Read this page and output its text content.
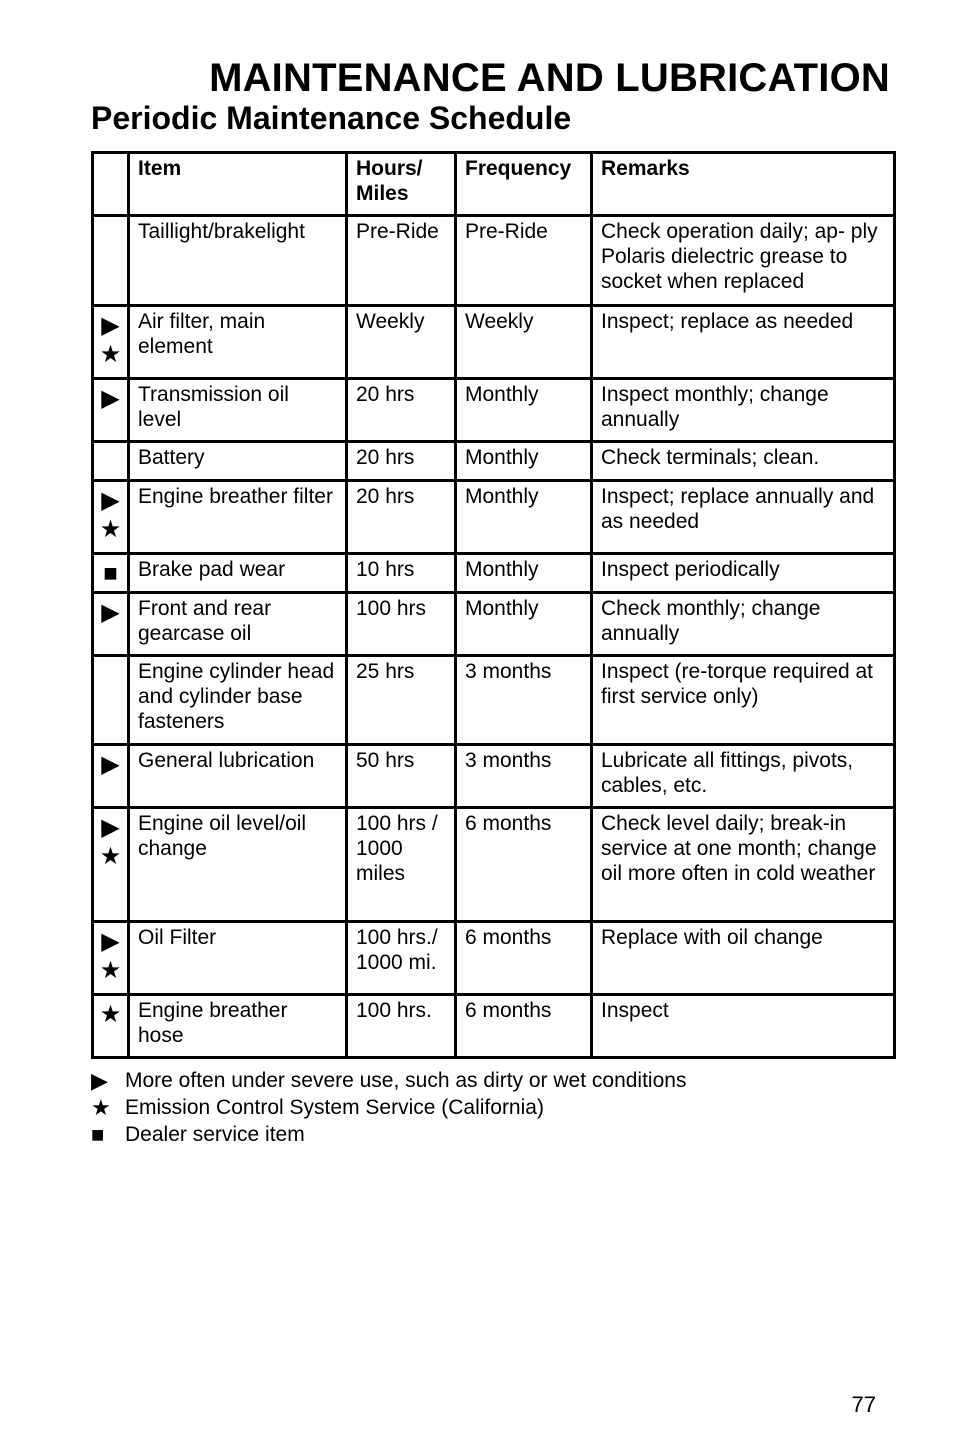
MAINTENANCE AND LUBRICATION
Periodic Maintenance Schedule
	Item	Hours/ Miles	Frequency	Remarks
	Taillight/brakelight	Pre-Ride	Pre-Ride	Check operation daily; ap- ply Polaris dielectric grease to socket when replaced

▶
★	Air filter, main element	Weekly	Weekly	Inspect; replace as needed

▶	Transmission oil level	20 hrs	Monthly	Inspect monthly; change annually
	Battery	20 hrs	Monthly	Check terminals; clean.

▶
★	Engine breather filter	20 hrs	Monthly	Inspect; replace annually and as needed

■	Brake pad wear	10 hrs	Monthly	Inspect periodically

▶	Front and rear gearcase oil	100 hrs	Monthly	Check monthly; change annually
	Engine cylinder head and cylinder base fasteners	25 hrs	3 months	Inspect (re-torque required at first service only)

▶	General lubrication	50 hrs	3 months	Lubricate all fittings, pivots, cables, etc.

▶
★	Engine oil level/oil change	100 hrs / 1000 miles	6 months	Check level daily; break-in service at one month; change oil more often in cold weather

▶
★	Oil Filter	100 hrs./ 1000 mi.	6 months	Replace with oil change

★	Engine breather hose	100 hrs.	6 months	Inspect
▶ More often under severe use, such as dirty or wet conditions
★ Emission Control System Service (California)
■ Dealer service item
77
